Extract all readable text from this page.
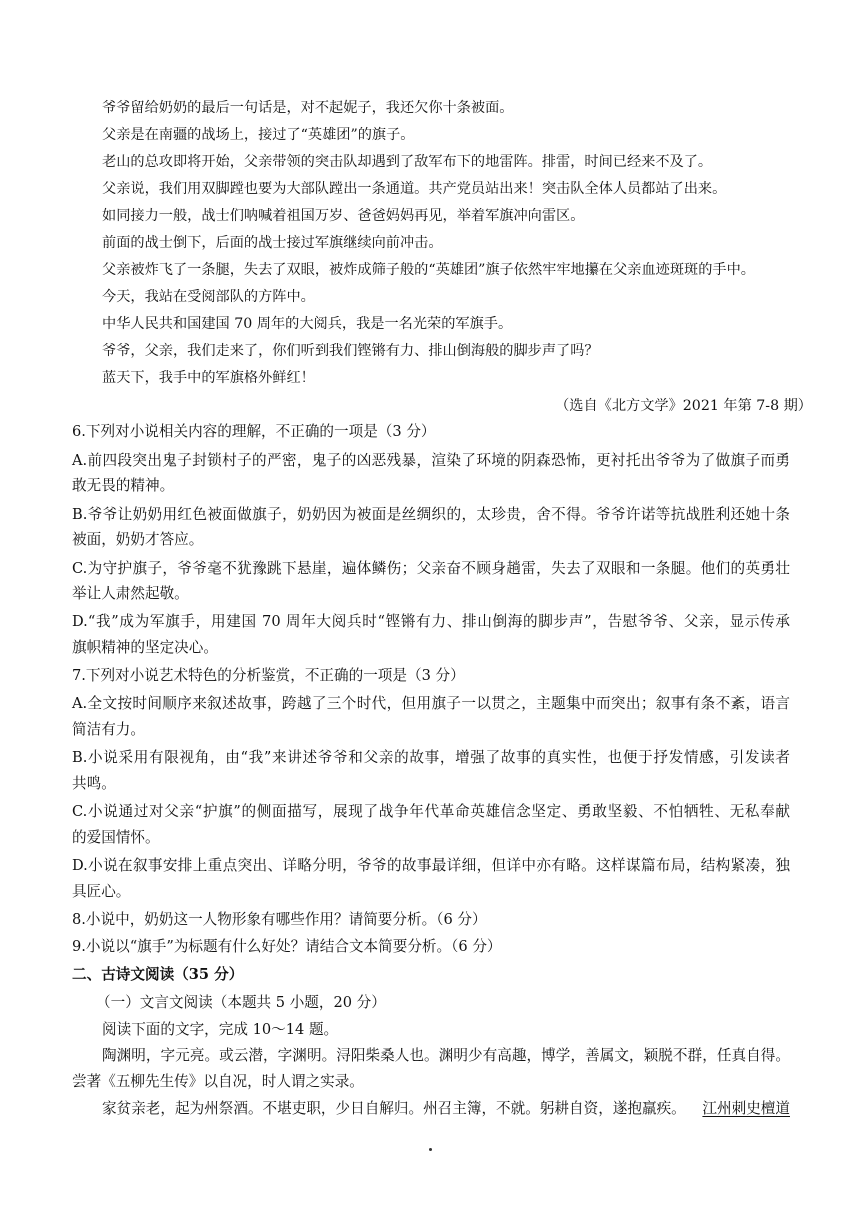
爷爷留给奶奶的最后一句话是，对不起妮子，我还欠你十条被面。
父亲是在南疆的战场上，接过了“英雄团”的旗子。
老山的总攻即将开始，父亲带领的突击队却遇到了敌军布下的地雷阵。排雷，时间已经来不及了。
父亲说，我们用双脚蹚也要为大部队蹚出一条通道。共产党员站出来！突击队全体人员都站了出来。
如同接力一般，战士们呐喊着祖国万岁、爸爸妈妈再见，举着军旗冲向雷区。
前面的战士倒下，后面的战士接过军旗继续向前冲击。
父亲被炸飞了一条腿，失去了双眼，被炸成筛子般的“英雄团”旗子依然牢牢地攥在父亲血迹斑斑的手中。
今天，我站在受阅部队的方阵中。
中华人民共和国建国 70 周年的大阅兵，我是一名光荣的军旗手。
爷爷，父亲，我们走来了，你们听到我们铿锵有力、排山倒海般的脚步声了吗？
蓝天下，我手中的军旗格外鲜红！
（选自《北方文学》2021 年第 7-8 期）
6.下列对小说相关内容的理解，不正确的一项是（3 分）
A.前四段突出鬼子封锁村子的严密，鬼子的凶恶残暴，渲染了环境的阴森恐怖，更衬托出爷爷为了做旗子而勇
敢无畏的精神。
B.爷爷让奶奶用红色被面做旗子，奶奶因为被面是丝绸织的，太珍贵，舍不得。爷爷许诺等抗战胜利还她十条
被面，奶奶才答应。
C.为守护旗子，爷爷毫不犹豫跳下悬崖，遍体鳞伤；父亲奋不顾身趟雷，失去了双眼和一条腿。他们的英勇壮
举让人肃然起敬。
D.“我”成为军旗手，用建国 70 周年大阅兵时“铿锵有力、排山倒海的脚步声”，告慰爷爷、父亲，显示传承
旗帜精神的坚定决心。
7.下列对小说艺术特色的分析鉴赏，不正确的一项是（3 分）
A.全文按时间顺序来叙述故事，跨越了三个时代，但用旗子一以贯之，主题集中而突出；叙事有条不紊，语言
简洁有力。
B.小说采用有限视角，由“我”来讲述爷爷和父亲的故事，增强了故事的真实性，也便于抒发情感，引发读者
共鸣。
C.小说通过对父亲“护旗”的侧面描写，展现了战争年代革命英雄信念坚定、勇敢坚毅、不怕牺牲、无私奉献
的爱国情怀。
D.小说在叙事安排上重点突出、详略分明，爷爷的故事最详细，但详中亦有略。这样谋篇布局，结构紧凑，独
具匠心。
8.小说中，奶奶这一人物形象有哪些作用？请简要分析。（6 分）
9.小说以“旗手”为标题有什么好处？请结合文本简要分析。（6 分）
二、古诗文阅读（35 分）
（一）文言文阅读（本题共 5 小题，20 分）
阅读下面的文字，完成 10～14 题。
陶渊明，字元亮。或云潜，字渊明。浔阳柴桑人也。渊明少有高趣，博学，善属文，颖脱不群，任真自得。
尝著《五柳先生传》以自况，时人谓之实录。
家贫亲老，起为州祭酒。不堪吏职，少日自解归。州召主簿，不就。躬耕自资，遂抱羸疾。 江州刺史檀道
